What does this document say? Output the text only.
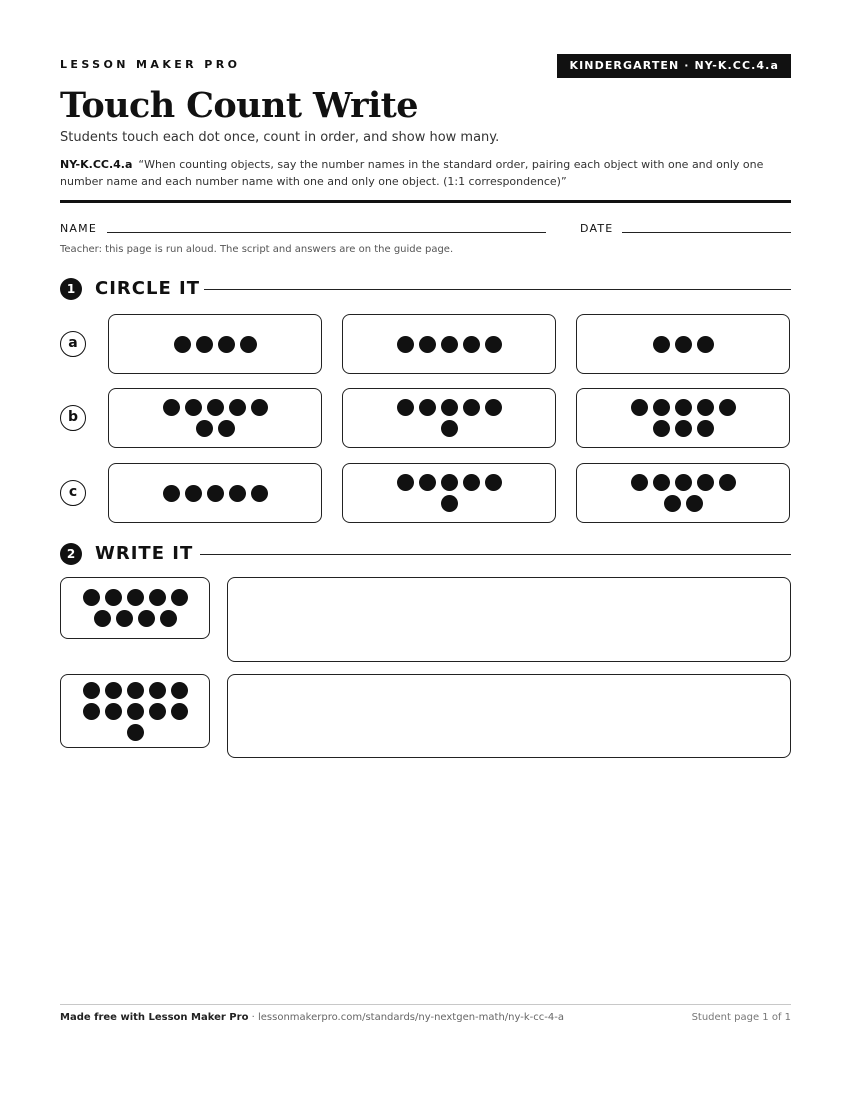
LESSON MAKER PRO	KINDERGARTEN · NY-K.CC.4.a
Touch Count Write
Students touch each dot once, count in order, and show how many.
NY-K.CC.4.a “When counting objects, say the number names in the standard order, pairing each object with one and only one number name and each number name with one and only one object. (1:1 correspondence)”
NAME	DATE
Teacher: this page is run aloud. The script and answers are on the guide page.
1	CIRCLE IT
a
b
c
2	WRITE IT
Made free with Lesson Maker Pro · lessonmakerpro.com/standards/ny-nextgen-math/ny-k-cc-4-a	Student page 1 of 1
